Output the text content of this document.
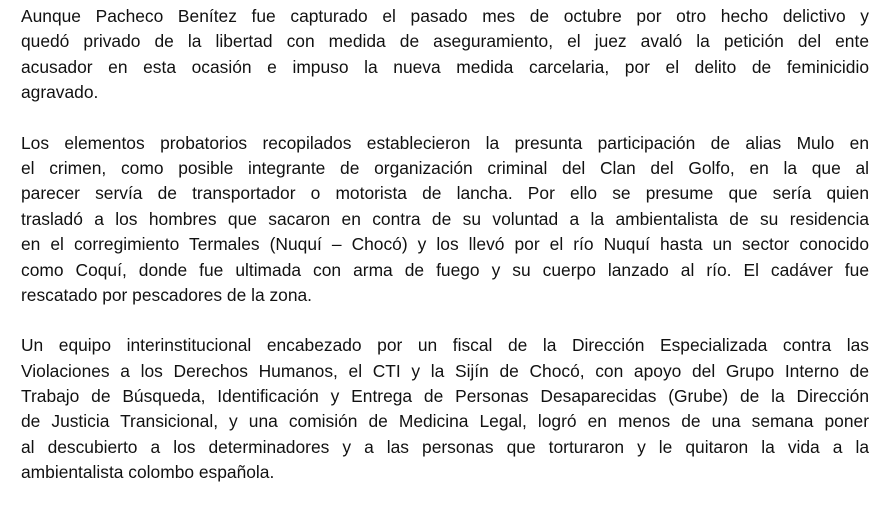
Aunque Pacheco Benítez fue capturado el pasado mes de octubre por otro hecho delictivo y
quedó privado de la libertad con medida de aseguramiento, el juez avaló la petición del ente
acusador en esta ocasión e impuso la nueva medida carcelaria, por el delito de feminicidio
agravado.
Los elementos probatorios recopilados establecieron la presunta participación de alias Mulo en
el crimen, como posible integrante de organización criminal del Clan del Golfo, en la que al
parecer servía de transportador o motorista de lancha. Por ello se presume que sería quien
trasladó a los hombres que sacaron en contra de su voluntad a la ambientalista de su residencia
en el corregimiento Termales (Nuquí – Chocó) y los llevó por el río Nuquí hasta un sector conocido
como Coquí, donde fue ultimada con arma de fuego y su cuerpo lanzado al río. El cadáver fue
rescatado por pescadores de la zona.
Un equipo interinstitucional encabezado por un fiscal de la Dirección Especializada contra las
Violaciones a los Derechos Humanos, el CTI y la Sijín de Chocó, con apoyo del Grupo Interno de
Trabajo de Búsqueda, Identificación y Entrega de Personas Desaparecidas (Grube) de la Dirección
de Justicia Transicional, y una comisión de Medicina Legal, logró en menos de una semana poner
al descubierto a los determinadores y a las personas que torturaron y le quitaron la vida a la
ambientalista colombo española.
